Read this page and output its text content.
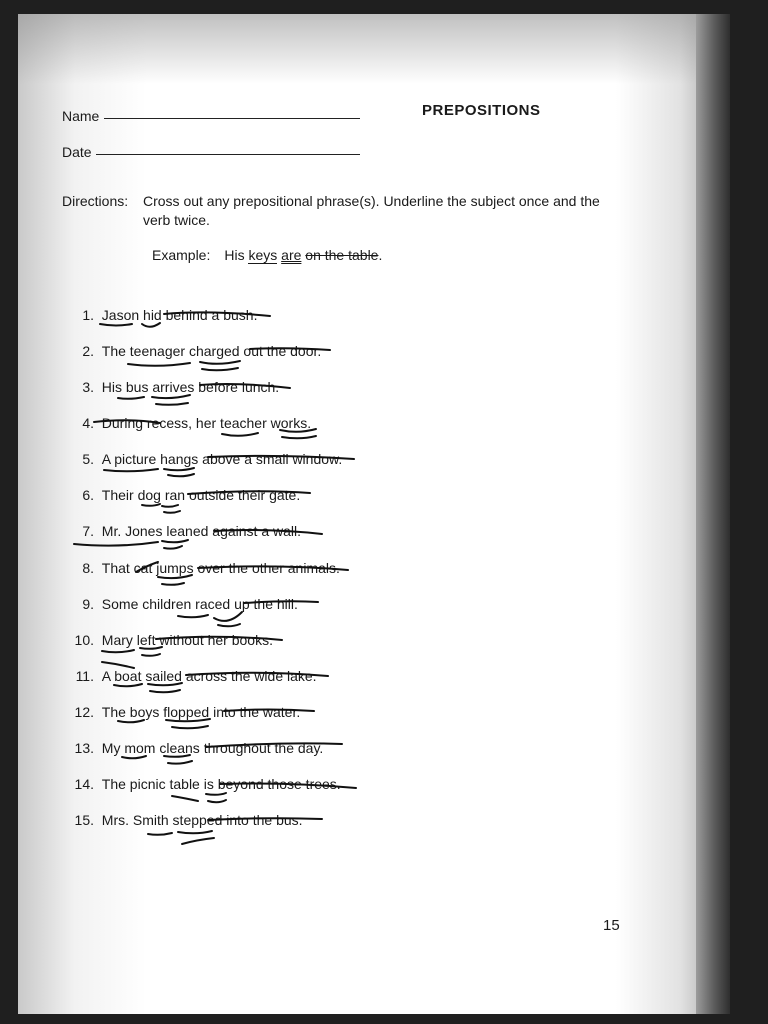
Name
Date
PREPOSITIONS
Directions: Cross out any prepositional phrase(s). Underline the subject once and the verb twice.
Example: His keys are on the table.
1. Jason hid behind a bush.
2. The teenager charged out the door.
3. His bus arrives before lunch.
4. During recess, her teacher works.
5. A picture hangs above a small window.
6. Their dog ran outside their gate.
7. Mr. Jones leaned against a wall.
8. That cat jumps over the other animals.
9. Some children raced up the hill.
10. Mary left without her books.
11. A boat sailed across the wide lake.
12. The boys flopped into the water.
13. My mom cleans throughout the day.
14. The picnic table is beyond those trees.
15. Mrs. Smith stepped into the bus.
15
